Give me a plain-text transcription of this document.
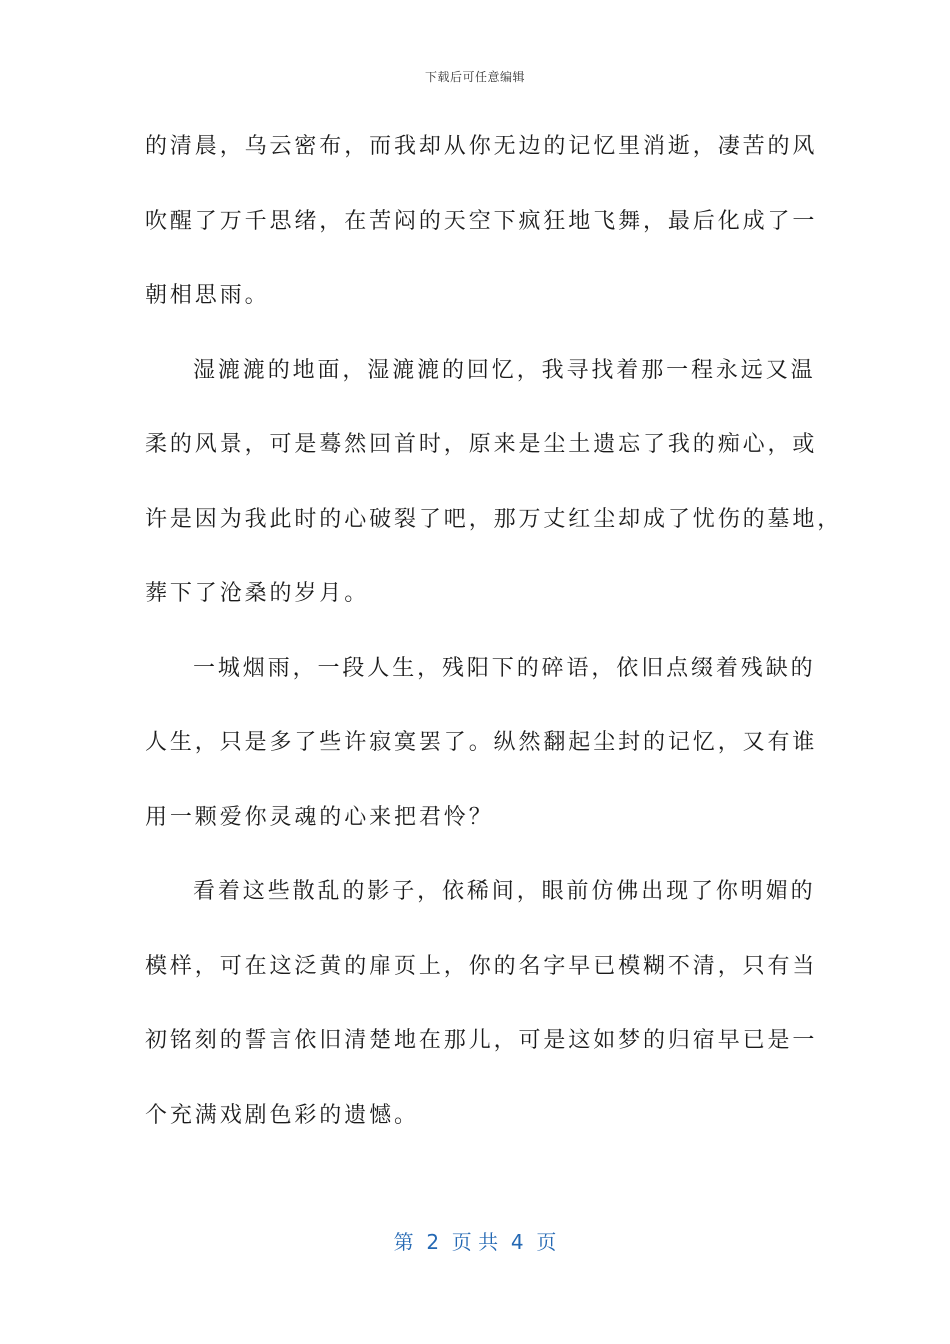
下载后可任意编辑
的清晨，乌云密布，而我却从你无边的记忆里消逝，凄苦的风
吹醒了万千思绪，在苦闷的天空下疯狂地飞舞，最后化成了一
朝相思雨。
湿漉漉的地面，湿漉漉的回忆，我寻找着那一程永远又温
柔的风景，可是蓦然回首时，原来是尘土遗忘了我的痴心，或
许是因为我此时的心破裂了吧，那万丈红尘却成了忧伤的墓地，
葬下了沧桑的岁月。
一城烟雨，一段人生，残阳下的碎语，依旧点缀着残缺的
人生，只是多了些许寂寞罢了。纵然翻起尘封的记忆，又有谁
用一颗爱你灵魂的心来把君怜？
看着这些散乱的影子，依稀间，眼前仿佛出现了你明媚的
模样，可在这泛黄的扉页上，你的名字早已模糊不清，只有当
初铭刻的誓言依旧清楚地在那儿，可是这如梦的归宿早已是一
个充满戏剧色彩的遗憾。
第  2  页 共  4  页
